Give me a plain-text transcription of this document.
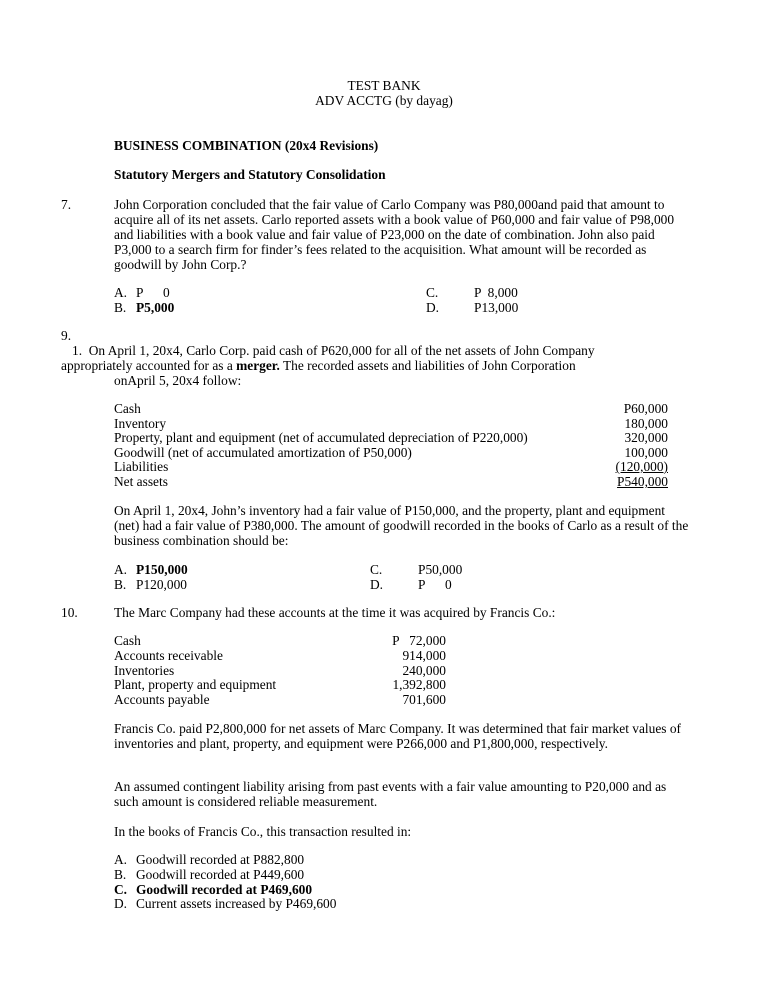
TEST BANK
ADV ACCTG (by dayag)
BUSINESS COMBINATION (20x4 Revisions)
Statutory Mergers and Statutory Consolidation
7.	John Corporation concluded that the fair value of Carlo Company was P80,000and paid that amount to acquire all of its net assets. Carlo reported assets with a book value of P60,000 and fair value of P98,000 and liabilities with a book value and fair value of P23,000 on the date of combination. John also paid P3,000 to a search firm for finder’s fees related to the acquisition. What amount will be recorded as goodwill by John Corp.?
A. P      0
B. P5,000
C.	P  8,000
D.	P13,000
9.
1. On April 1, 20x4, Carlo Corp. paid cash of P620,000 for all of the net assets of John Company
appropriately accounted for as a merger. The recorded assets and liabilities of John Corporation
onApril 5, 20x4 follow:
Cash	P60,000
Inventory	180,000
Property, plant and equipment (net of accumulated depreciation of P220,000)	320,000
Goodwill (net of accumulated amortization of P50,000)	100,000
Liabilities	(120,000)
Net assets	P540,000
On April 1, 20x4, John’s inventory had a fair value of P150,000, and the property, plant and equipment (net) had a fair value of P380,000. The amount of goodwill recorded in the books of Carlo as a result of the business combination should be:
A. P150,000
B. P120,000
C.	P50,000
D.	P      0
10.	The Marc Company had these accounts at the time it was acquired by Francis Co.:
Cash	P   72,000
Accounts receivable	914,000
Inventories	240,000
Plant, property and equipment	1,392,800
Accounts payable	701,600
Francis Co. paid P2,800,000 for net assets of Marc Company. It was determined that fair market values of inventories and plant, property, and equipment were P266,000 and P1,800,000, respectively.
An assumed contingent liability arising from past events with a fair value amounting to P20,000 and as such amount is considered reliable measurement.
In the books of Francis Co., this transaction resulted in:
A. Goodwill recorded at P882,800
B. Goodwill recorded at P449,600
C. Goodwill recorded at P469,600
D. Current assets increased by P469,600
